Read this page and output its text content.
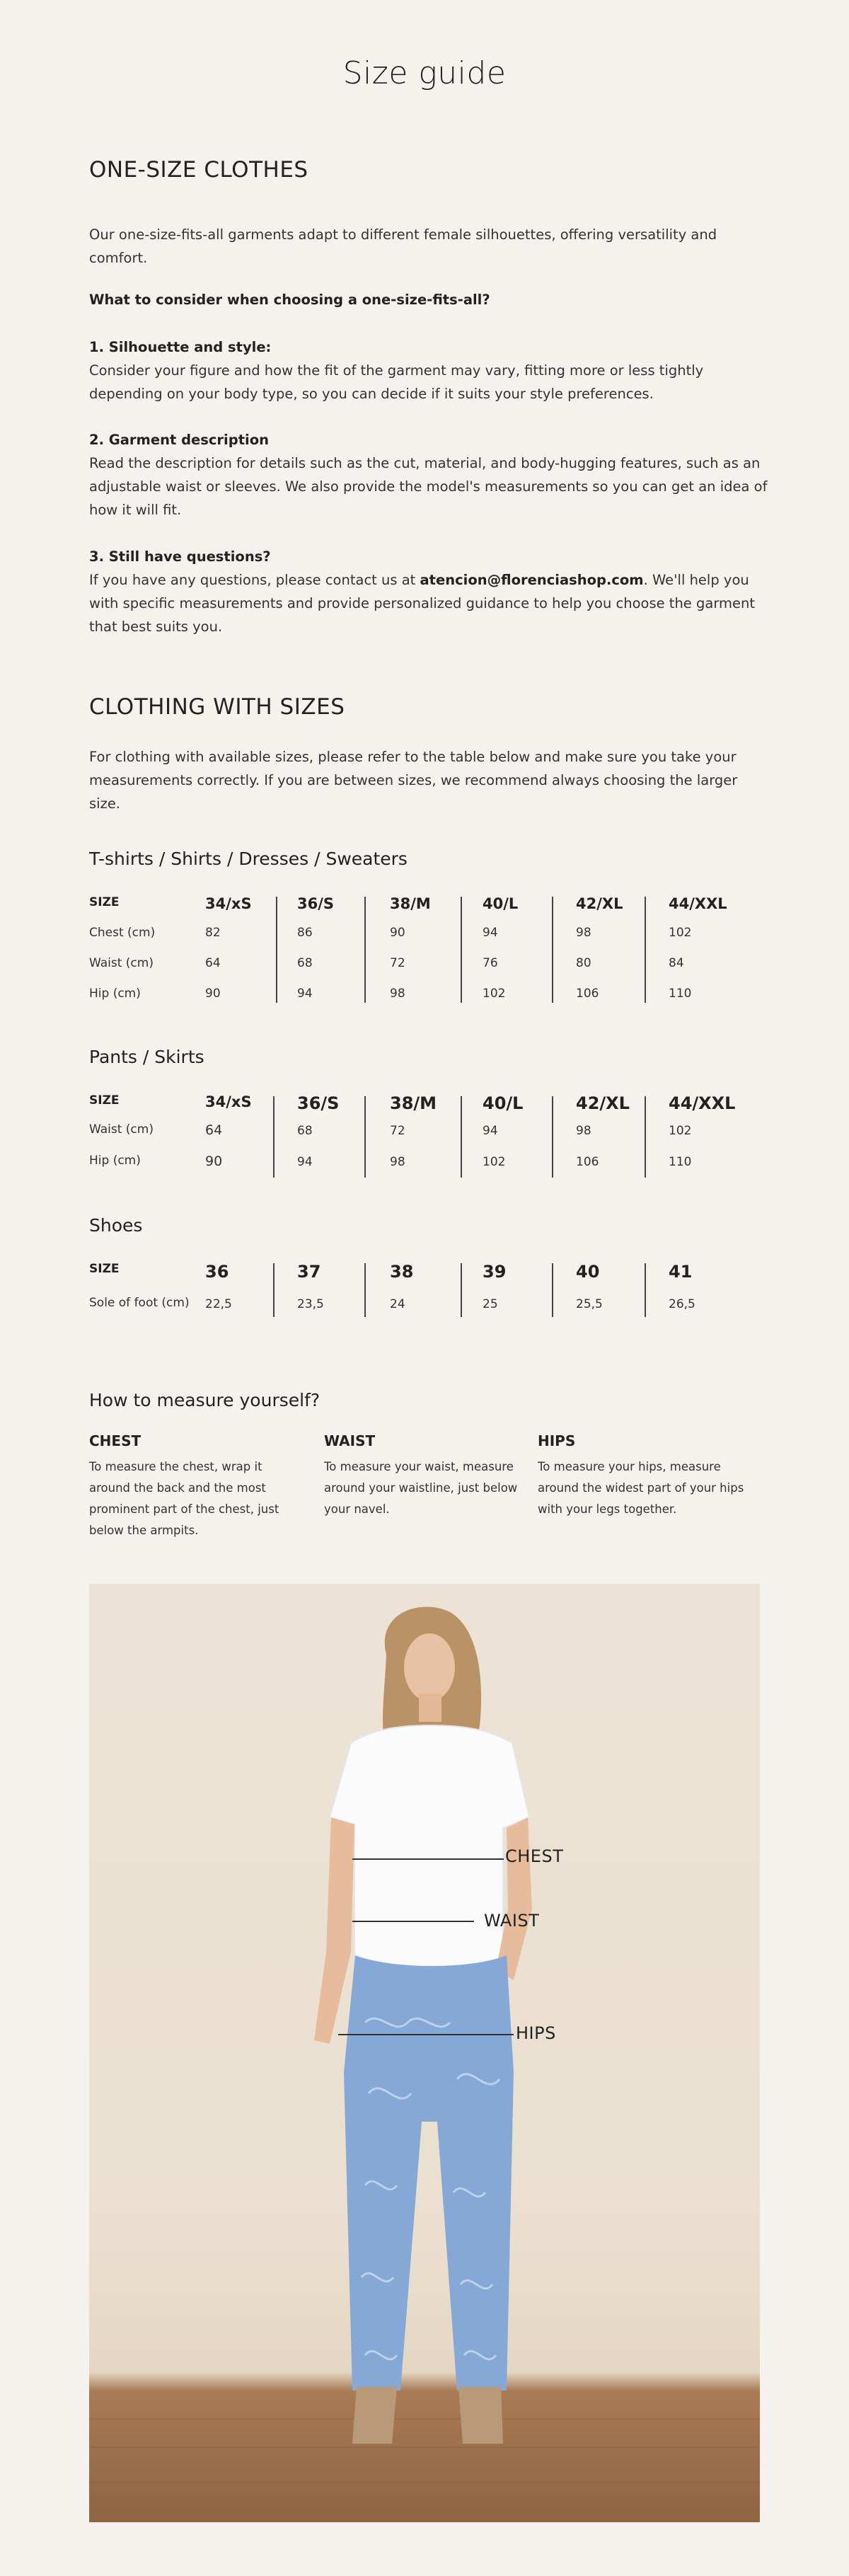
Size guide
ONE-SIZE CLOTHES
Our one-size-fits-all garments adapt to different female silhouettes, offering versatility and comfort.
What to consider when choosing a one-size-fits-all?
1. Silhouette and style:
Consider your figure and how the fit of the garment may vary, fitting more or less tightly depending on your body type, so you can decide if it suits your style preferences.
2. Garment description
Read the description for details such as the cut, material, and body-hugging features, such as an adjustable waist or sleeves. We also provide the model's measurements so you can get an idea of how it will fit.
3. Still have questions?
If you have any questions, please contact us at atencion@florenciashop.com. We'll help you with specific measurements and provide personalized guidance to help you choose the garment that best suits you.
CLOTHING WITH SIZES
For clothing with available sizes, please refer to the table below and make sure you take your measurements correctly. If you are between sizes, we recommend always choosing the larger size.
T-shirts / Shirts / Dresses / Sweaters
SIZE	34/xS	36/S	38/M	40/L	42/XL	44/XXL
Chest (cm)	82	86	90	94	98	102
Waist (cm)	64	68	72	76	80	84
Hip (cm)	90	94	98	102	106	110
Pants / Skirts
SIZE	34/xS	36/S	38/M	40/L	42/XL 44/XXL
Waist (cm)	64	68	72	94	98	102
Hip (cm)	90	94	98	102	106	110
Shoes
SIZE	36	37	38	39	40	41
Sole of foot (cm) 22,5	23,5	24	25	25,5	26,5
How to measure yourself?
CHEST
To measure the chest, wrap it around the back and the most prominent part of the chest, just below the armpits.
WAIST
To measure your waist, measure around your waistline, just below your navel.
HIPS
To measure your hips, measure around the widest part of your hips with your legs together.
CHEST
WAIST
HIPS
